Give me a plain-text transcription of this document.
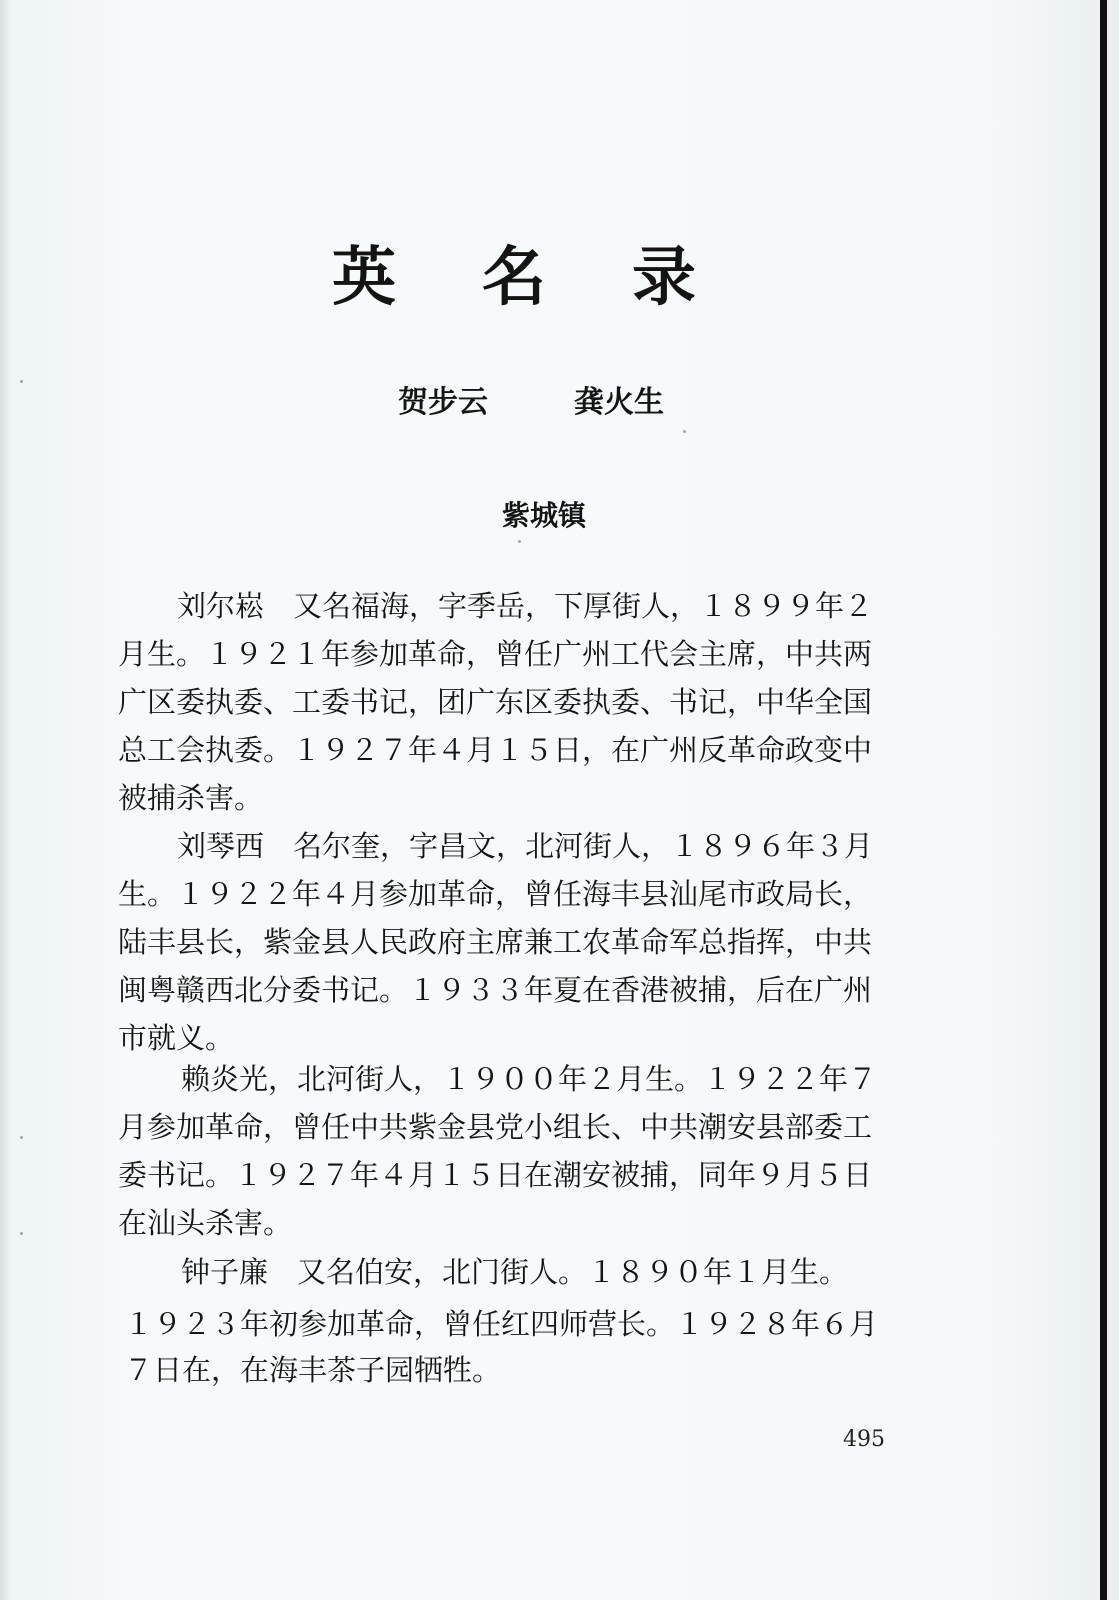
英名录
贺步云	龚火生
紫城镇
刘尔崧　又名福海，字季岳，下厚街人，１８９９年２
月生。１９２１年参加革命，曾任广州工代会主席，中共两
广区委执委、工委书记，团广东区委执委、书记，中华全国
总工会执委。１９２７年４月１５日，在广州反革命政变中
被捕杀害。
刘琴西　名尔奎，字昌文，北河街人，１８９６年３月
生。１９２２年４月参加革命，曾任海丰县汕尾市政局长，
陆丰县长，紫金县人民政府主席兼工农革命军总指挥，中共
闽粤赣西北分委书记。１９３３年夏在香港被捕，后在广州
市就义。
赖炎光，北河街人，１９００年２月生。１９２２年７
月参加革命，曾任中共紫金县党小组长、中共潮安县部委工
委书记。１９２７年４月１５日在潮安被捕，同年９月５日
在汕头杀害。
钟子廉　又名伯安，北门街人。１８９０年１月生。
１９２３年初参加革命，曾任红四师营长。１９２８年６月
７日在，在海丰茶子园牺牲。
495
